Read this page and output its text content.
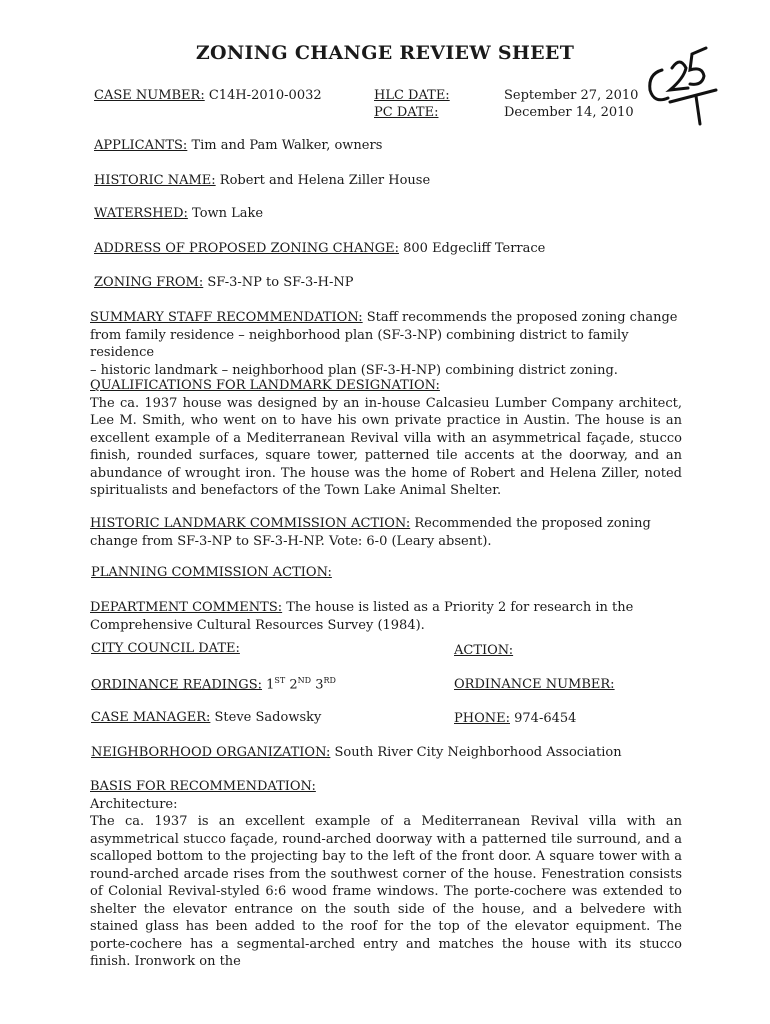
ZONING CHANGE REVIEW SHEET
CASE NUMBER: C14H-2010-0032	HLC DATE:	September 27, 2010
PC DATE:	December 14, 2010
APPLICANTS: Tim and Pam Walker, owners
HISTORIC NAME: Robert and Helena Ziller House
WATERSHED: Town Lake
ADDRESS OF PROPOSED ZONING CHANGE: 800 Edgecliff Terrace
ZONING FROM: SF-3-NP to SF-3-H-NP
SUMMARY STAFF RECOMMENDATION: Staff recommends the proposed zoning change
from family residence – neighborhood plan (SF-3-NP) combining district to family residence
– historic landmark – neighborhood plan (SF-3-H-NP) combining district zoning.
QUALIFICATIONS FOR LANDMARK DESIGNATION:
The ca. 1937 house was designed by an in-house Calcasieu Lumber Company architect, Lee M. Smith, who went on to have his own private practice in Austin. The house is an excellent example of a Mediterranean Revival villa with an asymmetrical façade, stucco finish, rounded surfaces, square tower, patterned tile accents at the doorway, and an abundance of wrought iron. The house was the home of Robert and Helena Ziller, noted spiritualists and benefactors of the Town Lake Animal Shelter.
HISTORIC LANDMARK COMMISSION ACTION: Recommended the proposed zoning
change from SF-3-NP to SF-3-H-NP. Vote: 6-0 (Leary absent).
PLANNING COMMISSION ACTION:
DEPARTMENT COMMENTS: The house is listed as a Priority 2 for research in the
Comprehensive Cultural Resources Survey (1984).
CITY COUNCIL DATE:	ACTION:
ORDINANCE READINGS: 1ST 2ND 3RD	ORDINANCE NUMBER:
CASE MANAGER: Steve Sadowsky	PHONE: 974-6454
NEIGHBORHOOD ORGANIZATION: South River City Neighborhood Association
BASIS FOR RECOMMENDATION:
Architecture:
The ca. 1937 is an excellent example of a Mediterranean Revival villa with an asymmetrical stucco façade, round-arched doorway with a patterned tile surround, and a scalloped bottom to the projecting bay to the left of the front door. A square tower with a round-arched arcade rises from the southwest corner of the house. Fenestration consists of Colonial Revival-styled 6:6 wood frame windows. The porte-cochere was extended to shelter the elevator entrance on the south side of the house, and a belvedere with stained glass has been added to the roof for the top of the elevator equipment. The porte-cochere has a segmental-arched entry and matches the house with its stucco finish. Ironwork on the
